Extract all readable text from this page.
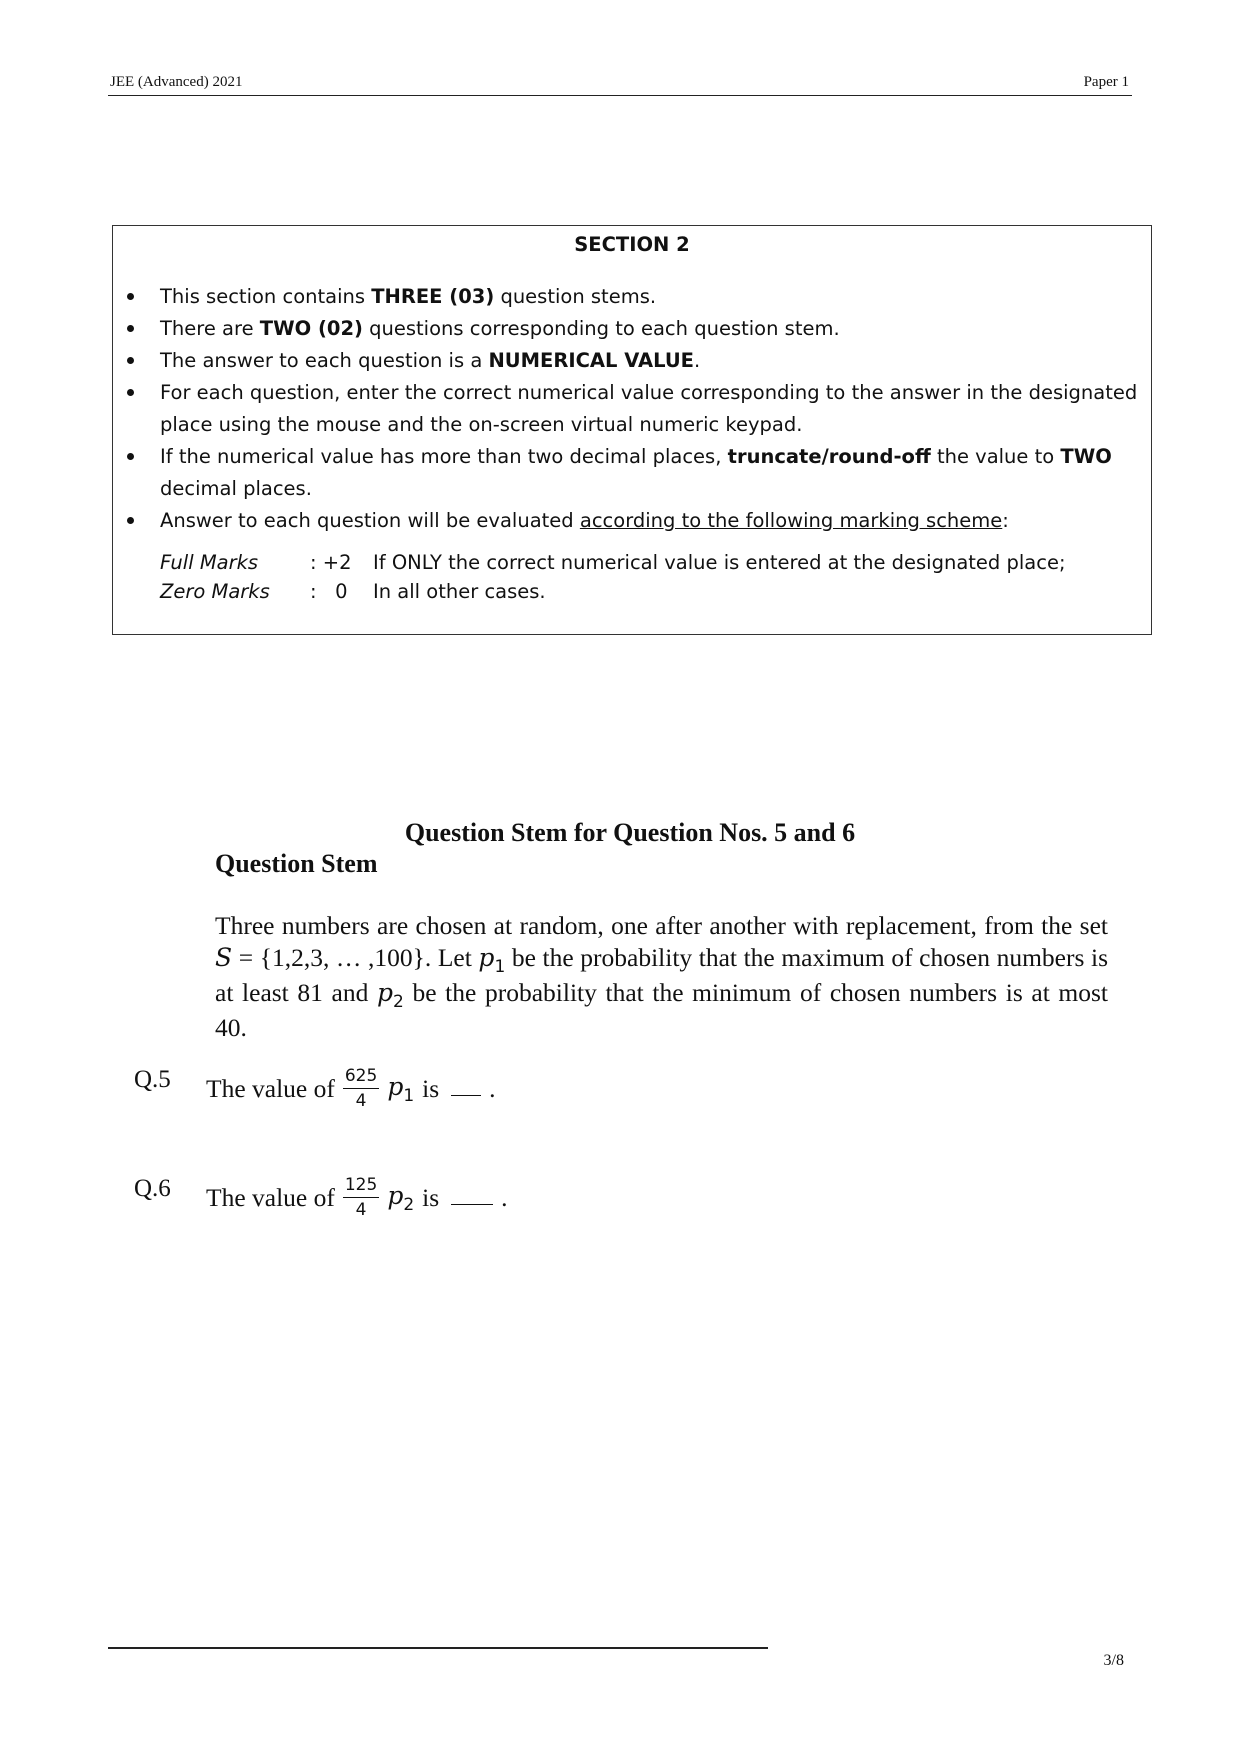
JEE (Advanced) 2021	Paper 1
SECTION 2
This section contains THREE (03) question stems.
There are TWO (02) questions corresponding to each question stem.
The answer to each question is a NUMERICAL VALUE.
For each question, enter the correct numerical value corresponding to the answer in the designated place using the mouse and the on-screen virtual numeric keypad.
If the numerical value has more than two decimal places, truncate/round-off the value to TWO decimal places.
Answer to each question will be evaluated according to the following marking scheme:
Full Marks	: +2 If ONLY the correct numerical value is entered at the designated place;
Zero Marks :   0 In all other cases.
Question Stem for Question Nos. 5 and 6
Question Stem
Three numbers are chosen at random, one after another with replacement, from the set S = {1,2,3, … ,100}. Let $p_1$ be the probability that the maximum of chosen numbers is at least 81 and $p_2$ be the probability that the minimum of chosen numbers is at most 40.
Q.5 The value of $\frac{625}{4} p_1$ is .
Q.6 The value of $\frac{125}{4} p_2$ is .
3/8
